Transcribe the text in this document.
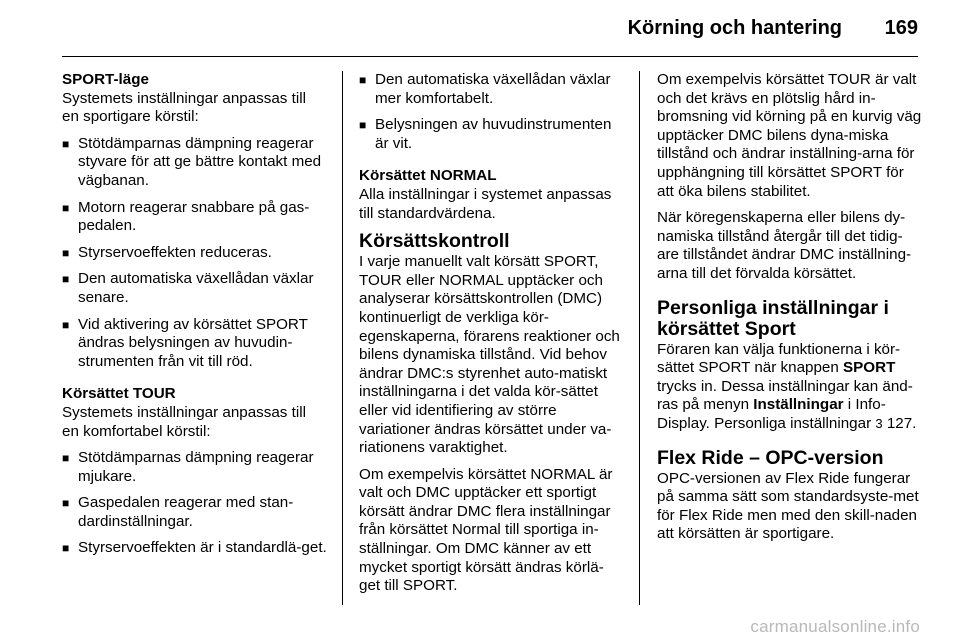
Körning och hantering 169
SPORT-läge

Systemets inställningar anpassas till en sportigare körstil:

■ Stötdämparnas dämpning reagerar styvare för att ge bättre kontakt med vägbanan.
■ Motorn reagerar snabbare på gas-pedalen.
■ Styrservoeffekten reduceras.
■ Den automatiska växellådan växlar senare.
■ Vid aktivering av körsättet SPORT ändras belysningen av huvudin-strumenten från vit till röd.
Körsättet TOUR

Systemets inställningar anpassas till en komfortabel körstil:

■ Stötdämparnas dämpning reagerar mjukare.
■ Gaspedalen reagerar med stan-dardinställningar.
■ Styrservoeffekten är i standardlä-get.
■ Den automatiska växellådan växlar mer komfortabelt.
■ Belysningen av huvudinstrumenten är vit.
Körsättet NORMAL

Alla inställningar i systemet anpassas till standardvärdena.

Körsättskontroll

I varje manuellt valt körsätt SPORT, TOUR eller NORMAL upptäcker och analyserar körsättskontrollen (DMC) kontinuerligt de verkliga kör-egenskaperna, förarens reaktioner och bilens dynamiska tillstånd. Vid behov ändrar DMC:s styrenhet auto-matiskt inställningarna i det valda kör-sättet eller vid identifiering av större variationer ändras körsättet under va-riationens varaktighet.

Om exempelvis körsättet NORMAL är valt och DMC upptäcker ett sportigt körsätt ändrar DMC flera inställningar från körsättet Normal till sportiga in-ställningar. Om DMC känner av ett mycket sportigt körsätt ändras körlä-get till SPORT.

Om exempelvis körsättet TOUR är valt och det krävs en plötslig hård in-bromsning vid körning på en kurvig väg upptäcker DMC bilens dyna-miska tillstånd och ändrar inställning-arna för upphängning till körsättet SPORT för att öka bilens stabilitet.

När köregenskaperna eller bilens dy-namiska tillstånd återgår till det tidig-are tillståndet ändrar DMC inställning-arna till det förvalda körsättet.

Personliga inställningar i körsättet Sport

Föraren kan välja funktionerna i kör-sättet SPORT när knappen SPORT trycks in. Dessa inställningar kan änd-ras på menyn Inställningar i Info-Display. Personliga inställningar 3 127.

Flex Ride – OPC-version

OPC-versionen av Flex Ride fungerar på samma sätt som standardsyste-met för Flex Ride men med den skill-naden att körsätten är sportigare.

carmanualsonline.info
